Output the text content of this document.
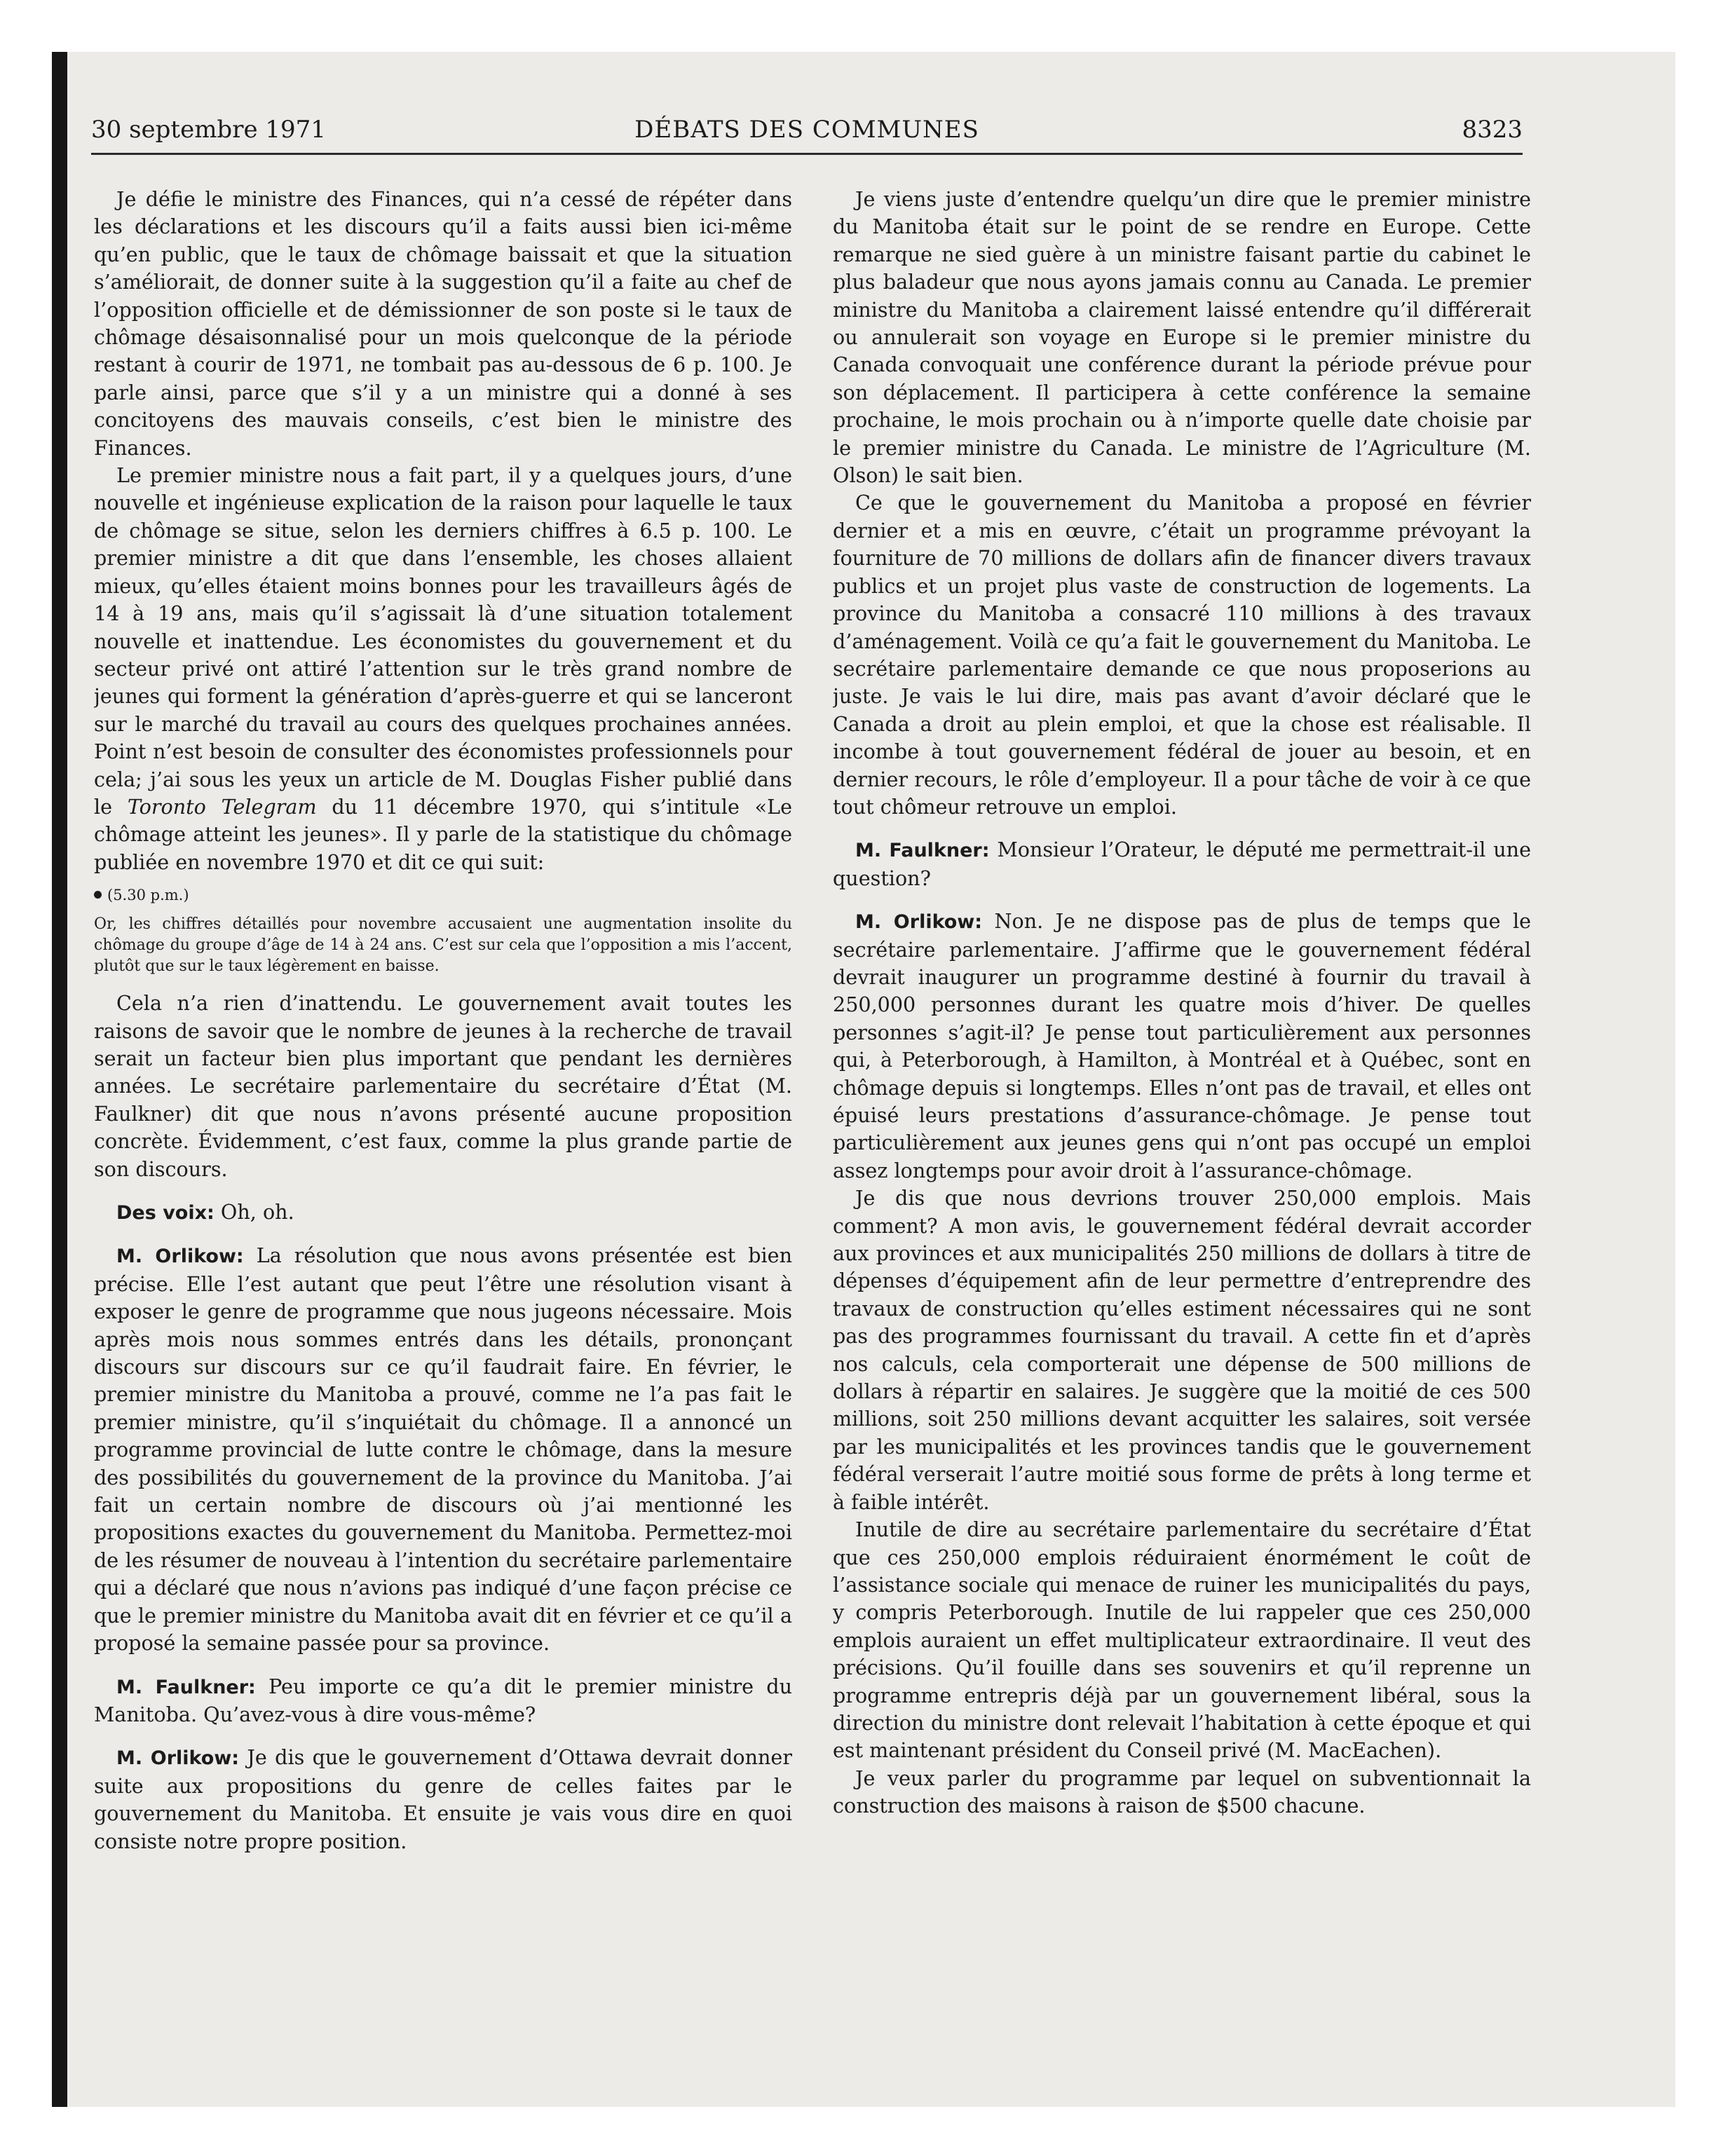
30 septembre 1971	DÉBATS DES COMMUNES	8323

Je défie le ministre des Finances, qui n’a cessé de répéter dans les déclarations et les discours qu’il a faits aussi bien ici-même qu’en public, que le taux de chômage baissait et que la situation s’améliorait, de donner suite à la suggestion qu’il a faite au chef de l’opposition officielle et de démissionner de son poste si le taux de chômage désaisonnalisé pour un mois quelconque de la période restant à courir de 1971, ne tombait pas au-dessous de 6 p. 100. Je parle ainsi, parce que s’il y a un ministre qui a donné à ses concitoyens des mauvais conseils, c’est bien le ministre des Finances.

Le premier ministre nous a fait part, il y a quelques jours, d’une nouvelle et ingénieuse explication de la raison pour laquelle le taux de chômage se situe, selon les derniers chiffres à 6.5 p. 100. Le premier ministre a dit que dans l’ensemble, les choses allaient mieux, qu’elles étaient moins bonnes pour les travailleurs âgés de 14 à 19 ans, mais qu’il s’agissait là d’une situation totalement nouvelle et inattendue. Les économistes du gouvernement et du secteur privé ont attiré l’attention sur le très grand nombre de jeunes qui forment la génération d’après-guerre et qui se lanceront sur le marché du travail au cours des quelques prochaines années. Point n’est besoin de consulter des économistes professionnels pour cela; j’ai sous les yeux un article de M. Douglas Fisher publié dans le Toronto Telegram du 11 décembre 1970, qui s’intitule «Le chômage atteint les jeunes». Il y parle de la statistique du chômage publiée en novembre 1970 et dit ce qui suit:

(5.30 p.m.)

Or, les chiffres détaillés pour novembre accusaient une augmentation insolite du chômage du groupe d’âge de 14 à 24 ans. C’est sur cela que l’opposition a mis l’accent, plutôt que sur le taux légèrement en baisse.

Cela n’a rien d’inattendu. Le gouvernement avait toutes les raisons de savoir que le nombre de jeunes à la recherche de travail serait un facteur bien plus important que pendant les dernières années. Le secrétaire parlementaire du secrétaire d’État (M. Faulkner) dit que nous n’avons présenté aucune proposition concrète. Évidemment, c’est faux, comme la plus grande partie de son discours.

Des voix: Oh, oh.

M. Orlikow: La résolution que nous avons présentée est bien précise. Elle l’est autant que peut l’être une résolution visant à exposer le genre de programme que nous jugeons nécessaire. Mois après mois nous sommes entrés dans les détails, prononçant discours sur discours sur ce qu’il faudrait faire. En février, le premier ministre du Manitoba a prouvé, comme ne l’a pas fait le premier ministre, qu’il s’inquiétait du chômage. Il a annoncé un programme provincial de lutte contre le chômage, dans la mesure des possibilités du gouvernement de la province du Manitoba. J’ai fait un certain nombre de discours où j’ai mentionné les propositions exactes du gouvernement du Manitoba. Permettez-moi de les résumer de nouveau à l’intention du secrétaire parlementaire qui a déclaré que nous n’avions pas indiqué d’une façon précise ce que le premier ministre du Manitoba avait dit en février et ce qu’il a proposé la semaine passée pour sa province.

M. Faulkner: Peu importe ce qu’a dit le premier ministre du Manitoba. Qu’avez-vous à dire vous-même?

M. Orlikow: Je dis que le gouvernement d’Ottawa devrait donner suite aux propositions du genre de celles faites par le gouvernement du Manitoba. Et ensuite je vais vous dire en quoi consiste notre propre position.

Je viens juste d’entendre quelqu’un dire que le premier ministre du Manitoba était sur le point de se rendre en Europe. Cette remarque ne sied guère à un ministre faisant partie du cabinet le plus baladeur que nous ayons jamais connu au Canada. Le premier ministre du Manitoba a clairement laissé entendre qu’il différerait ou annulerait son voyage en Europe si le premier ministre du Canada convoquait une conférence durant la période prévue pour son déplacement. Il participera à cette conférence la semaine prochaine, le mois prochain ou à n’importe quelle date choisie par le premier ministre du Canada. Le ministre de l’Agriculture (M. Olson) le sait bien.

Ce que le gouvernement du Manitoba a proposé en février dernier et a mis en œuvre, c’était un programme prévoyant la fourniture de 70 millions de dollars afin de financer divers travaux publics et un projet plus vaste de construction de logements. La province du Manitoba a consacré 110 millions à des travaux d’aménagement. Voilà ce qu’a fait le gouvernement du Manitoba. Le secrétaire parlementaire demande ce que nous proposerions au juste. Je vais le lui dire, mais pas avant d’avoir déclaré que le Canada a droit au plein emploi, et que la chose est réalisable. Il incombe à tout gouvernement fédéral de jouer au besoin, et en dernier recours, le rôle d’employeur. Il a pour tâche de voir à ce que tout chômeur retrouve un emploi.

M. Faulkner: Monsieur l’Orateur, le député me permettrait-il une question?

M. Orlikow: Non. Je ne dispose pas de plus de temps que le secrétaire parlementaire. J’affirme que le gouvernement fédéral devrait inaugurer un programme destiné à fournir du travail à 250,000 personnes durant les quatre mois d’hiver. De quelles personnes s’agit-il? Je pense tout particulièrement aux personnes qui, à Peterborough, à Hamilton, à Montréal et à Québec, sont en chômage depuis si longtemps. Elles n’ont pas de travail, et elles ont épuisé leurs prestations d’assurance-chômage. Je pense tout particulièrement aux jeunes gens qui n’ont pas occupé un emploi assez longtemps pour avoir droit à l’assurance-chômage.

Je dis que nous devrions trouver 250,000 emplois. Mais comment? A mon avis, le gouvernement fédéral devrait accorder aux provinces et aux municipalités 250 millions de dollars à titre de dépenses d’équipement afin de leur permettre d’entreprendre des travaux de construction qu’elles estiment nécessaires qui ne sont pas des programmes fournissant du travail. A cette fin et d’après nos calculs, cela comporterait une dépense de 500 millions de dollars à répartir en salaires. Je suggère que la moitié de ces 500 millions, soit 250 millions devant acquitter les salaires, soit versée par les municipalités et les provinces tandis que le gouvernement fédéral verserait l’autre moitié sous forme de prêts à long terme et à faible intérêt.

Inutile de dire au secrétaire parlementaire du secrétaire d’État que ces 250,000 emplois réduiraient énormément le coût de l’assistance sociale qui menace de ruiner les municipalités du pays, y compris Peterborough. Inutile de lui rappeler que ces 250,000 emplois auraient un effet multiplicateur extraordinaire. Il veut des précisions. Qu’il fouille dans ses souvenirs et qu’il reprenne un programme entrepris déjà par un gouvernement libéral, sous la direction du ministre dont relevait l’habitation à cette époque et qui est maintenant président du Conseil privé (M. MacEachen).

Je veux parler du programme par lequel on subventionnait la construction des maisons à raison de $500 chacune.
